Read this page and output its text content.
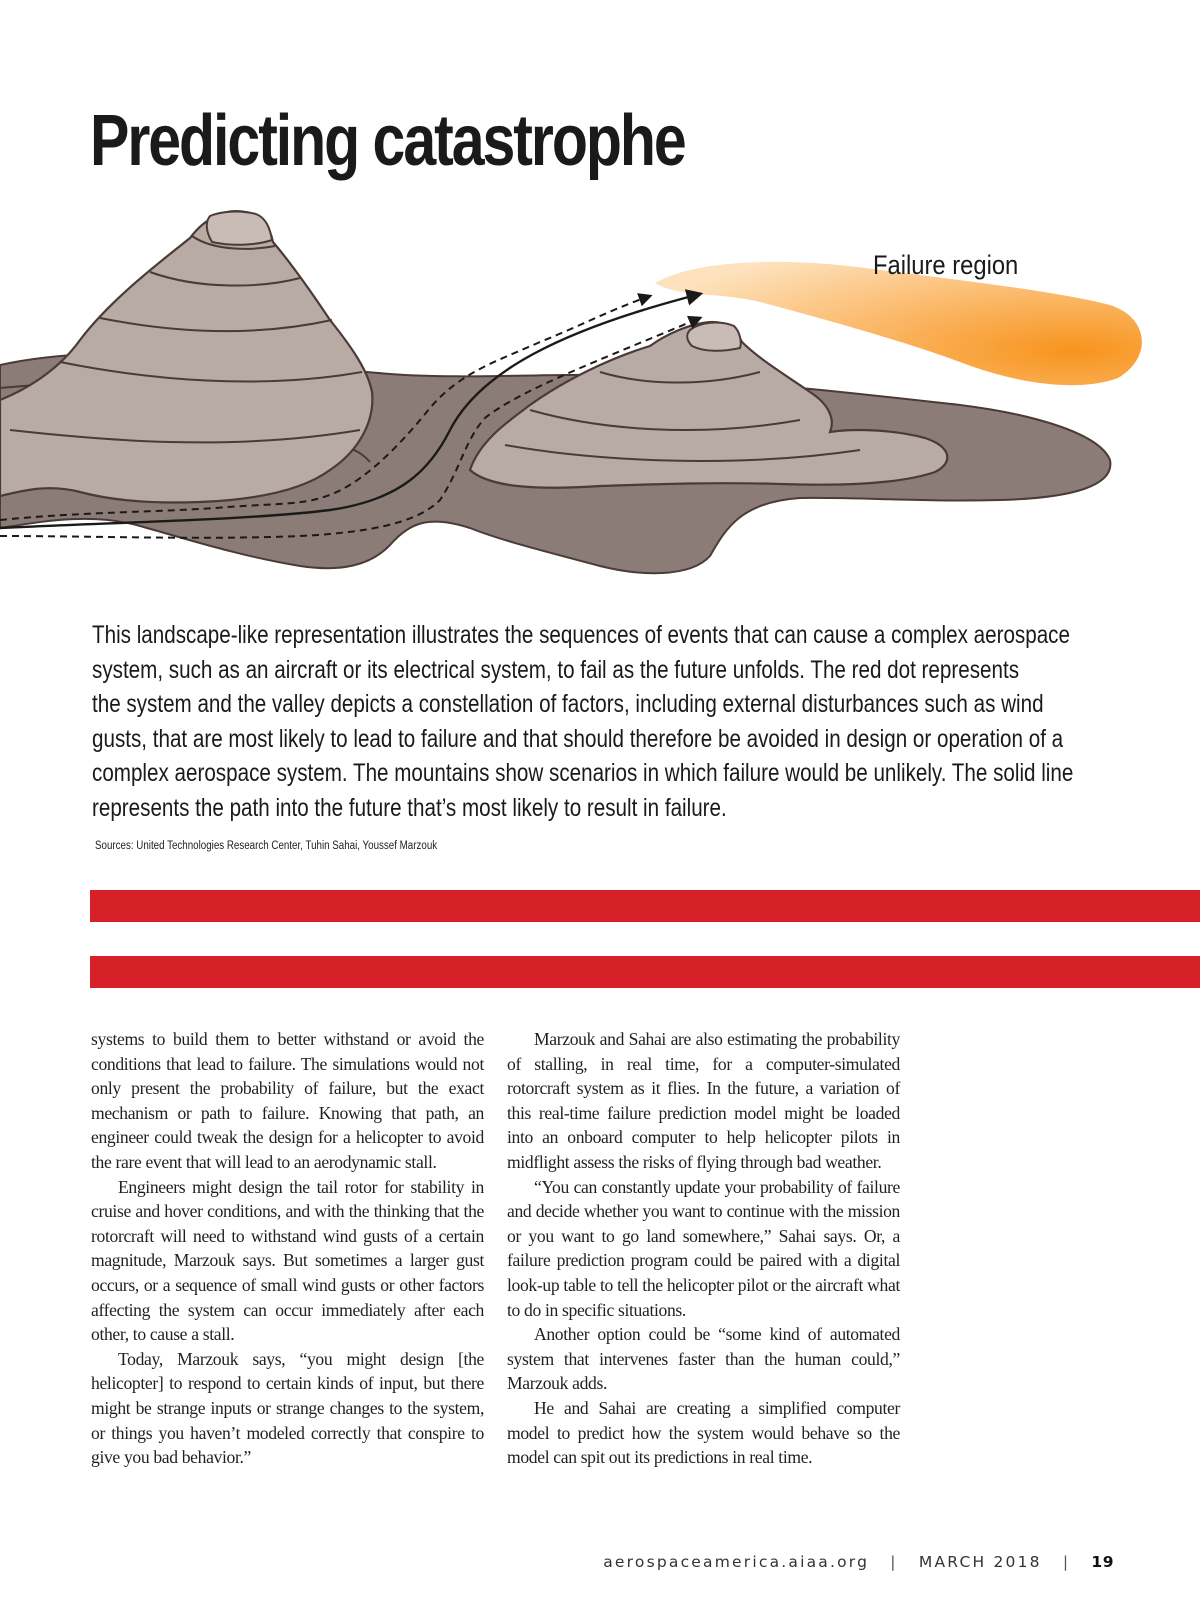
Predicting catastrophe
Failure region

This landscape-like representation illustrates the sequences of events that can cause a complex aerospace
system, such as an aircraft or its electrical system, to fail as the future unfolds. The red dot represents
the system and the valley depicts a constellation of factors, including external disturbances such as wind
gusts, that are most likely to lead to failure and that should therefore be avoided in design or operation of a
complex aerospace system. The mountains show scenarios in which failure would be unlikely. The solid line
represents the path into the future that’s most likely to result in failure.

Sources: United Technologies Research Center, Tuhin Sahai, Youssef Marzouk

systems to build them to better withstand or avoid the conditions that lead to failure. The simulations would not only present the probability of failure, but the exact mechanism or path to failure. Knowing that path, an engineer could tweak the design for a helicopter to avoid the rare event that will lead to an aerodynamic stall.

Engineers might design the tail rotor for stability in cruise and hover conditions, and with the thinking that the rotorcraft will need to withstand wind gusts of a certain magnitude, Marzouk says. But sometimes a larger gust occurs, or a sequence of small wind gusts or other factors affecting the system can occur immediately after each other, to cause a stall.

Today, Marzouk says, “you might design [the helicopter] to respond to certain kinds of input, but there might be strange inputs or strange changes to the system, or things you haven’t modeled correctly that conspire to give you bad behavior.”

Marzouk and Sahai are also estimating the probability of stalling, in real time, for a computer-simulated rotorcraft system as it flies. In the future, a variation of this real-time failure prediction model might be loaded into an onboard computer to help helicopter pilots in midflight assess the risks of flying through bad weather.

“You can constantly update your probability of failure and decide whether you want to continue with the mission or you want to go land somewhere,” Sahai says. Or, a failure prediction program could be paired with a digital look-up table to tell the helicopter pilot or the aircraft what to do in specific situations.

Another option could be “some kind of automated system that intervenes faster than the human could,” Marzouk adds.

He and Sahai are creating a simplified computer model to predict how the system would behave so the model can spit out its predictions in real time.

aerospaceamerica.aiaa.org | MARCH 2018 | 19
